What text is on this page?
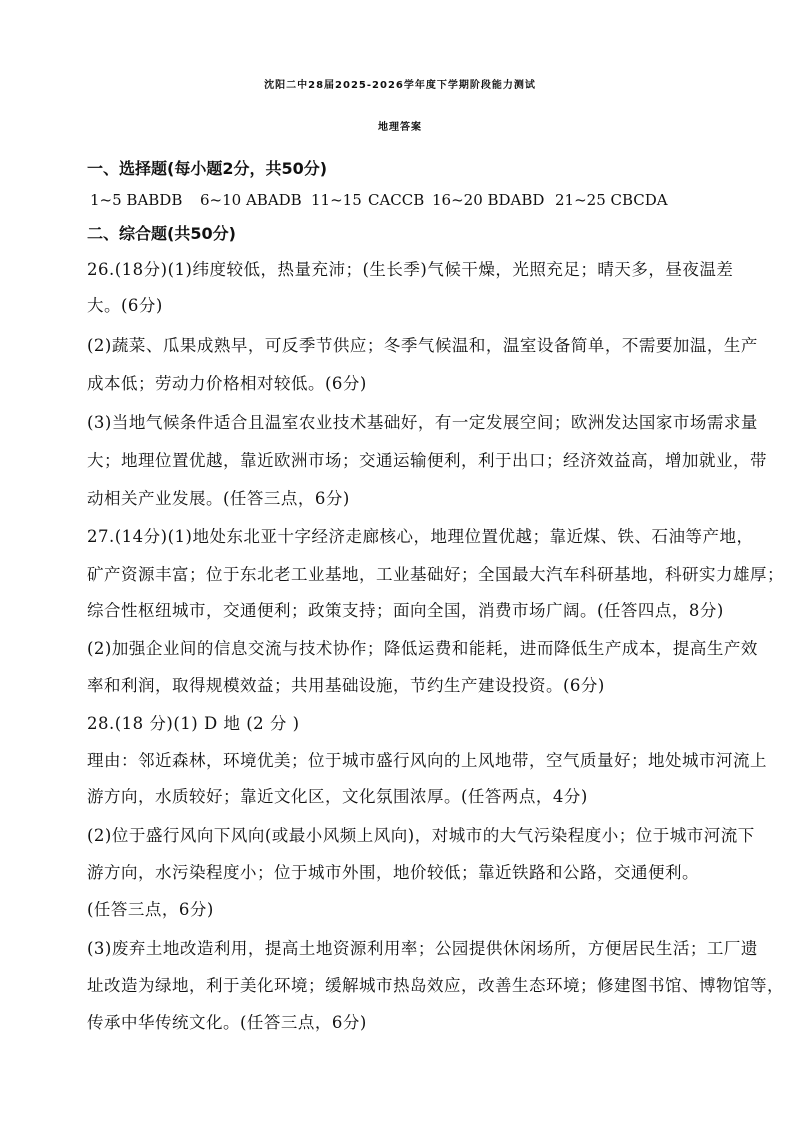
沈阳二中28届2025-2026学年度下学期阶段能力测试
地理答案
一、选择题(每小题2分，共50分)
1~5 BABDB 6~10 ABADB 11~15 CACCB 16~20 BDABD 21~25 CBCDA
二、综合题(共50分)
26.(18分)(1)纬度较低，热量充沛；(生长季)气候干燥，光照充足；晴天多，昼夜温差
大。(6分)
(2)蔬菜、瓜果成熟早，可反季节供应；冬季气候温和，温室设备简单，不需要加温，生产
成本低；劳动力价格相对较低。(6分)
(3)当地气候条件适合且温室农业技术基础好，有一定发展空间；欧洲发达国家市场需求量
大；地理位置优越，靠近欧洲市场；交通运输便利，利于出口；经济效益高，增加就业，带
动相关产业发展。(任答三点，6分)
27.(14分)(1)地处东北亚十字经济走廊核心，地理位置优越；靠近煤、铁、石油等产地，
矿产资源丰富；位于东北老工业基地，工业基础好；全国最大汽车科研基地，科研实力雄厚；
综合性枢纽城市，交通便利；政策支持；面向全国，消费市场广阔。(任答四点，8分)
(2)加强企业间的信息交流与技术协作；降低运费和能耗，进而降低生产成本，提高生产效
率和利润，取得规模效益；共用基础设施，节约生产建设投资。(6分)
28.(18 分)(1) D 地 (2 分 )
理由：邻近森林，环境优美；位于城市盛行风向的上风地带，空气质量好；地处城市河流上
游方向，水质较好；靠近文化区，文化氛围浓厚。(任答两点，4分)
(2)位于盛行风向下风向(或最小风频上风向)，对城市的大气污染程度小；位于城市河流下
游方向，水污染程度小；位于城市外围，地价较低；靠近铁路和公路，交通便利。
(任答三点，6分)
(3)废弃土地改造利用，提高土地资源利用率；公园提供休闲场所，方便居民生活；工厂遗
址改造为绿地，利于美化环境；缓解城市热岛效应，改善生态环境；修建图书馆、博物馆等，
传承中华传统文化。(任答三点，6分)
